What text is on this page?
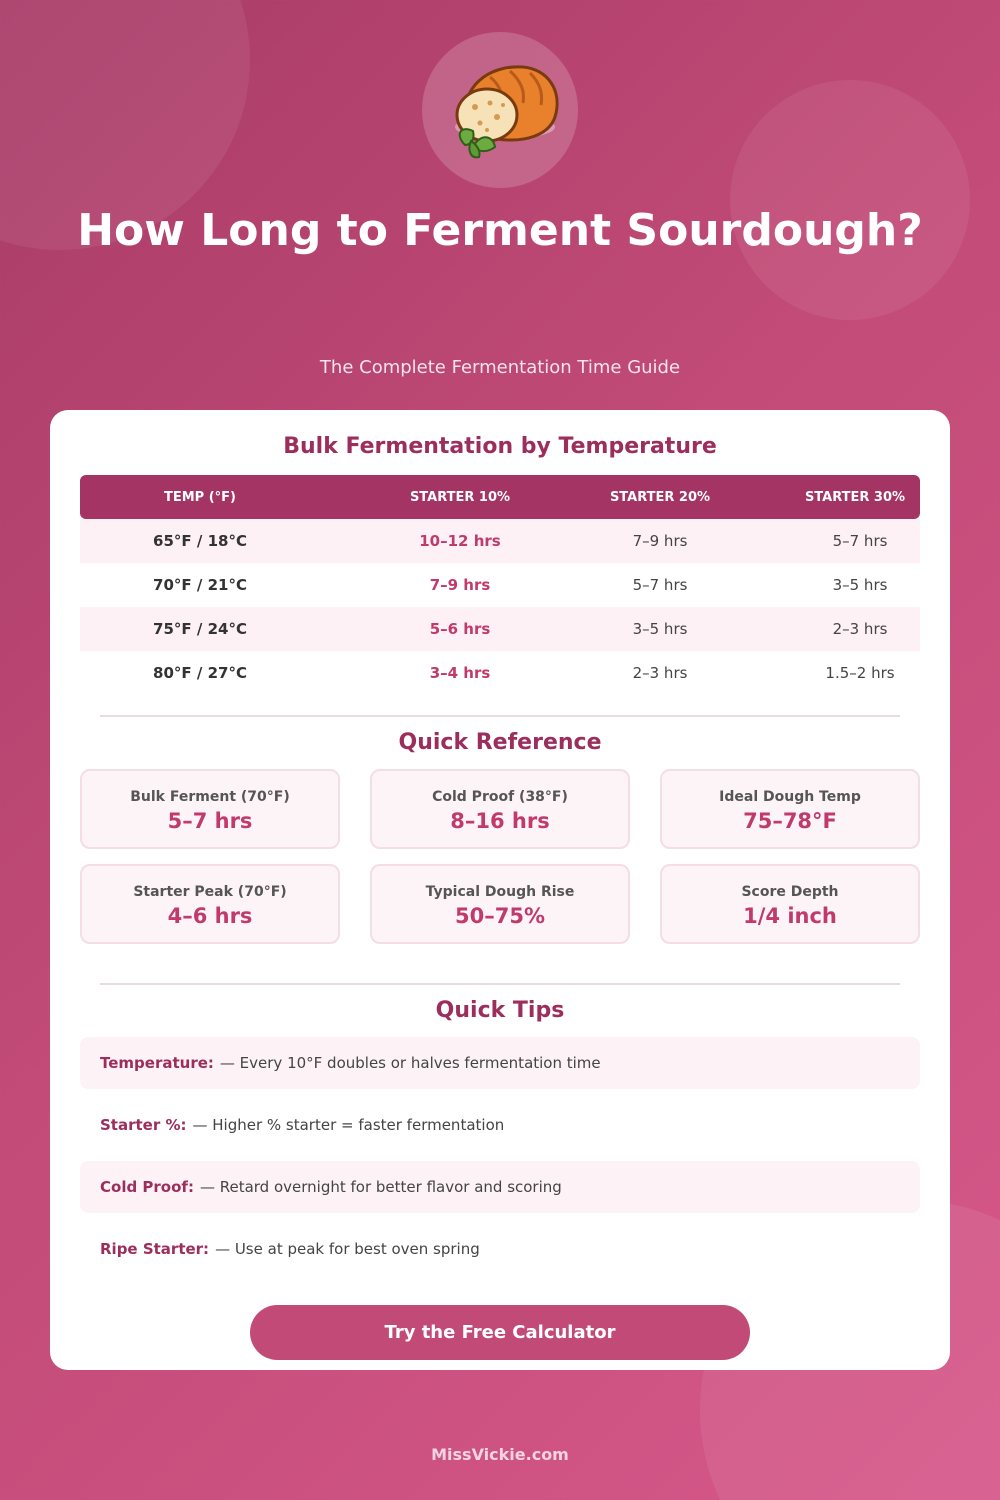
How Long to Ferment Sourdough?
The Complete Fermentation Time Guide
Bulk Fermentation by Temperature
TEMP (°F)	STARTER 10%	STARTER 20%	STARTER 30%
65°F / 18°C	10–12 hrs	7–9 hrs	5–7 hrs
70°F / 21°C	7–9 hrs	5–7 hrs	3–5 hrs
75°F / 24°C	5–6 hrs	3–5 hrs	2–3 hrs
80°F / 27°C	3–4 hrs	2–3 hrs	1.5–2 hrs
Quick Reference
Bulk Ferment (70°F)
5–7 hrs
Cold Proof (38°F)
8–16 hrs
Ideal Dough Temp
75–78°F
Starter Peak (70°F)
4–6 hrs
Typical Dough Rise
50–75%
Score Depth
1/4 inch
Quick Tips
Temperature: — Every 10°F doubles or halves fermentation time
Starter %: — Higher % starter = faster fermentation
Cold Proof: — Retard overnight for better flavor and scoring
Ripe Starter: — Use at peak for best oven spring
Try the Free Calculator
MissVickie.com
